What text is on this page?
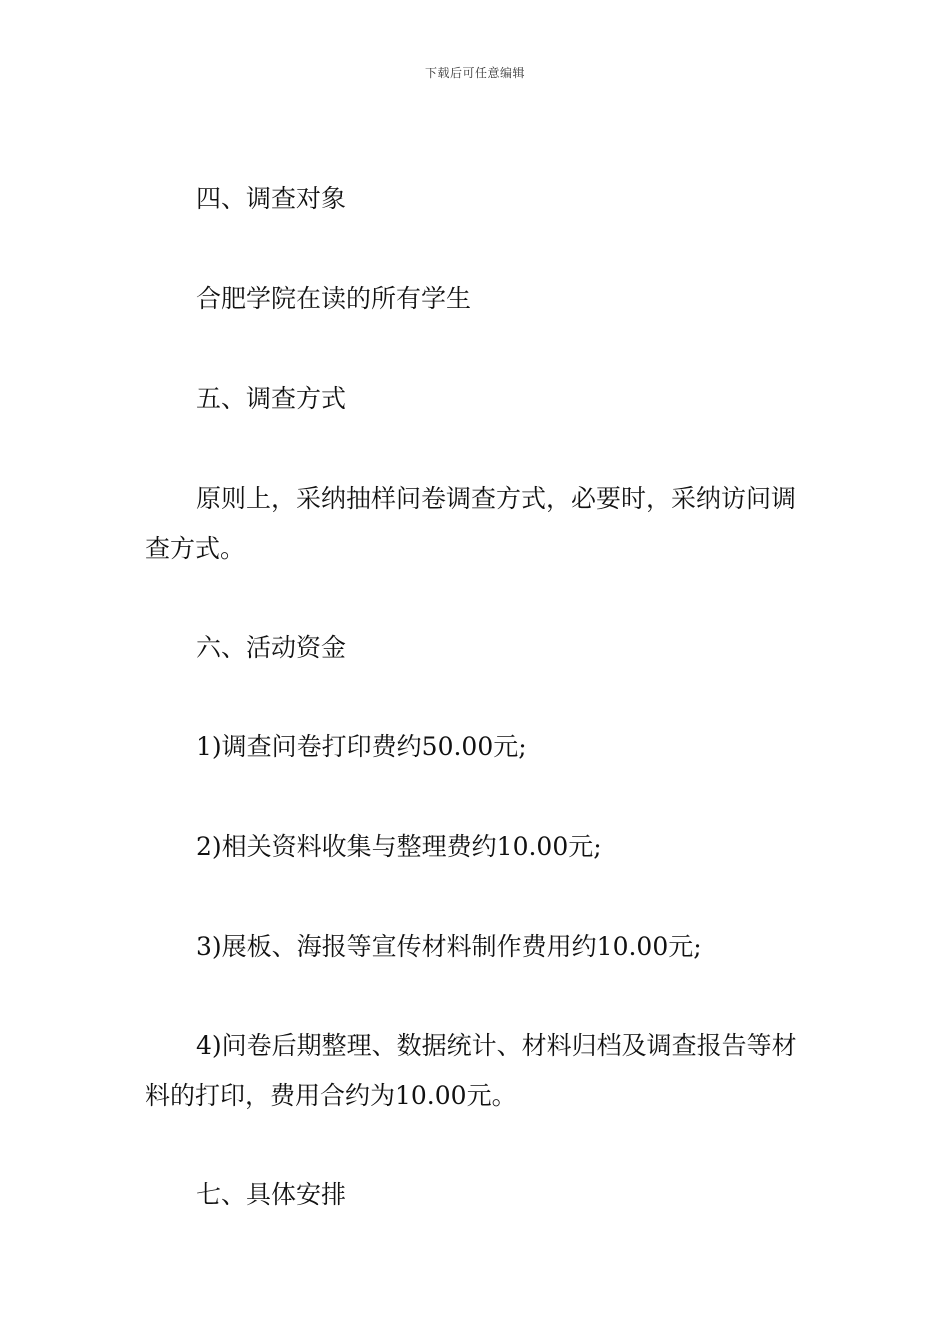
下载后可任意编辑

四、调查对象

合肥学院在读的所有学生

五、调查方式

原则上，采纳抽样问卷调查方式，必要时，采纳访问调查方式。

六、活动资金

1)调查问卷打印费约50.00元;

2)相关资料收集与整理费约10.00元;

3)展板、海报等宣传材料制作费用约10.00元;

4)问卷后期整理、数据统计、材料归档及调查报告等材料的打印，费用合约为10.00元。

七、具体安排
